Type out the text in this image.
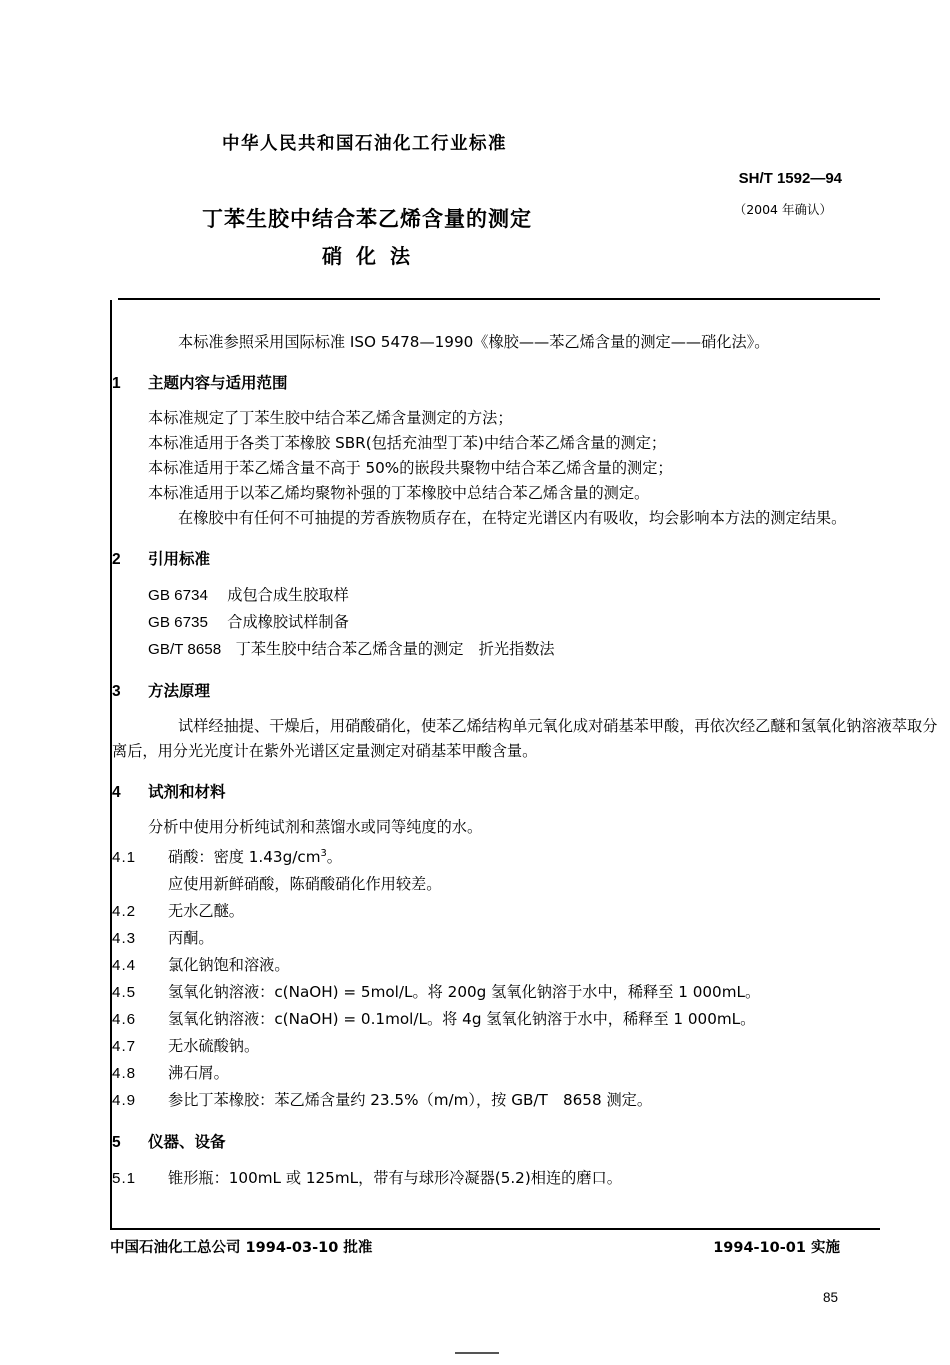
中华人民共和国石油化工行业标准
SH/T 1592—94
（2004 年确认）
丁苯生胶中结合苯乙烯含量的测定
硝化法

本标准参照采用国际标准 ISO 5478—1990《橡胶——苯乙烯含量的测定——硝化法》。

1 主题内容与适用范围

本标准规定了丁苯生胶中结合苯乙烯含量测定的方法；

本标准适用于各类丁苯橡胶 SBR(包括充油型丁苯)中结合苯乙烯含量的测定；

本标准适用于苯乙烯含量不高于 50%的嵌段共聚物中结合苯乙烯含量的测定；

本标准适用于以苯乙烯均聚物补强的丁苯橡胶中总结合苯乙烯含量的测定。

在橡胶中有任何不可抽提的芳香族物质存在，在特定光谱区内有吸收，均会影响本方法的测定结果。

2 引用标准
GB 6734 成包合成生胶取样
GB 6735 合成橡胶试样制备
GB/T 8658 丁苯生胶中结合苯乙烯含量的测定　折光指数法
3 方法原理

试样经抽提、干燥后，用硝酸硝化，使苯乙烯结构单元氧化成对硝基苯甲酸，再依次经乙醚和氢氧化钠溶液萃取分离后，用分光光度计在紫外光谱区定量测定对硝基苯甲酸含量。

4 试剂和材料

分析中使用分析纯试剂和蒸馏水或同等纯度的水。

4.1 硝酸：密度 $1.43g/cm^3$。
应使用新鲜硝酸，陈硝酸硝化作用较差。
4.2 无水乙醚。
4.3 丙酮。
4.4 氯化钠饱和溶液。
4.5 氢氧化钠溶液：c(NaOH) = 5mol/L。将 200g 氢氧化钠溶于水中，稀释至 1 000mL。
4.6 氢氧化钠溶液：c(NaOH) = 0.1mol/L。将 4g 氢氧化钠溶于水中，稀释至 1 000mL。
4.7 无水硫酸钠。
4.8 沸石屑。
4.9 参比丁苯橡胶：苯乙烯含量约 23.5%（m/m），按 GB/T　8658 测定。
5 仪器、设备
5.1 锥形瓶：100mL 或 125mL，带有与球形冷凝器(5.2)相连的磨口。
中国石油化工总公司 1994-03-10 批准	1994-10-01 实施
85
